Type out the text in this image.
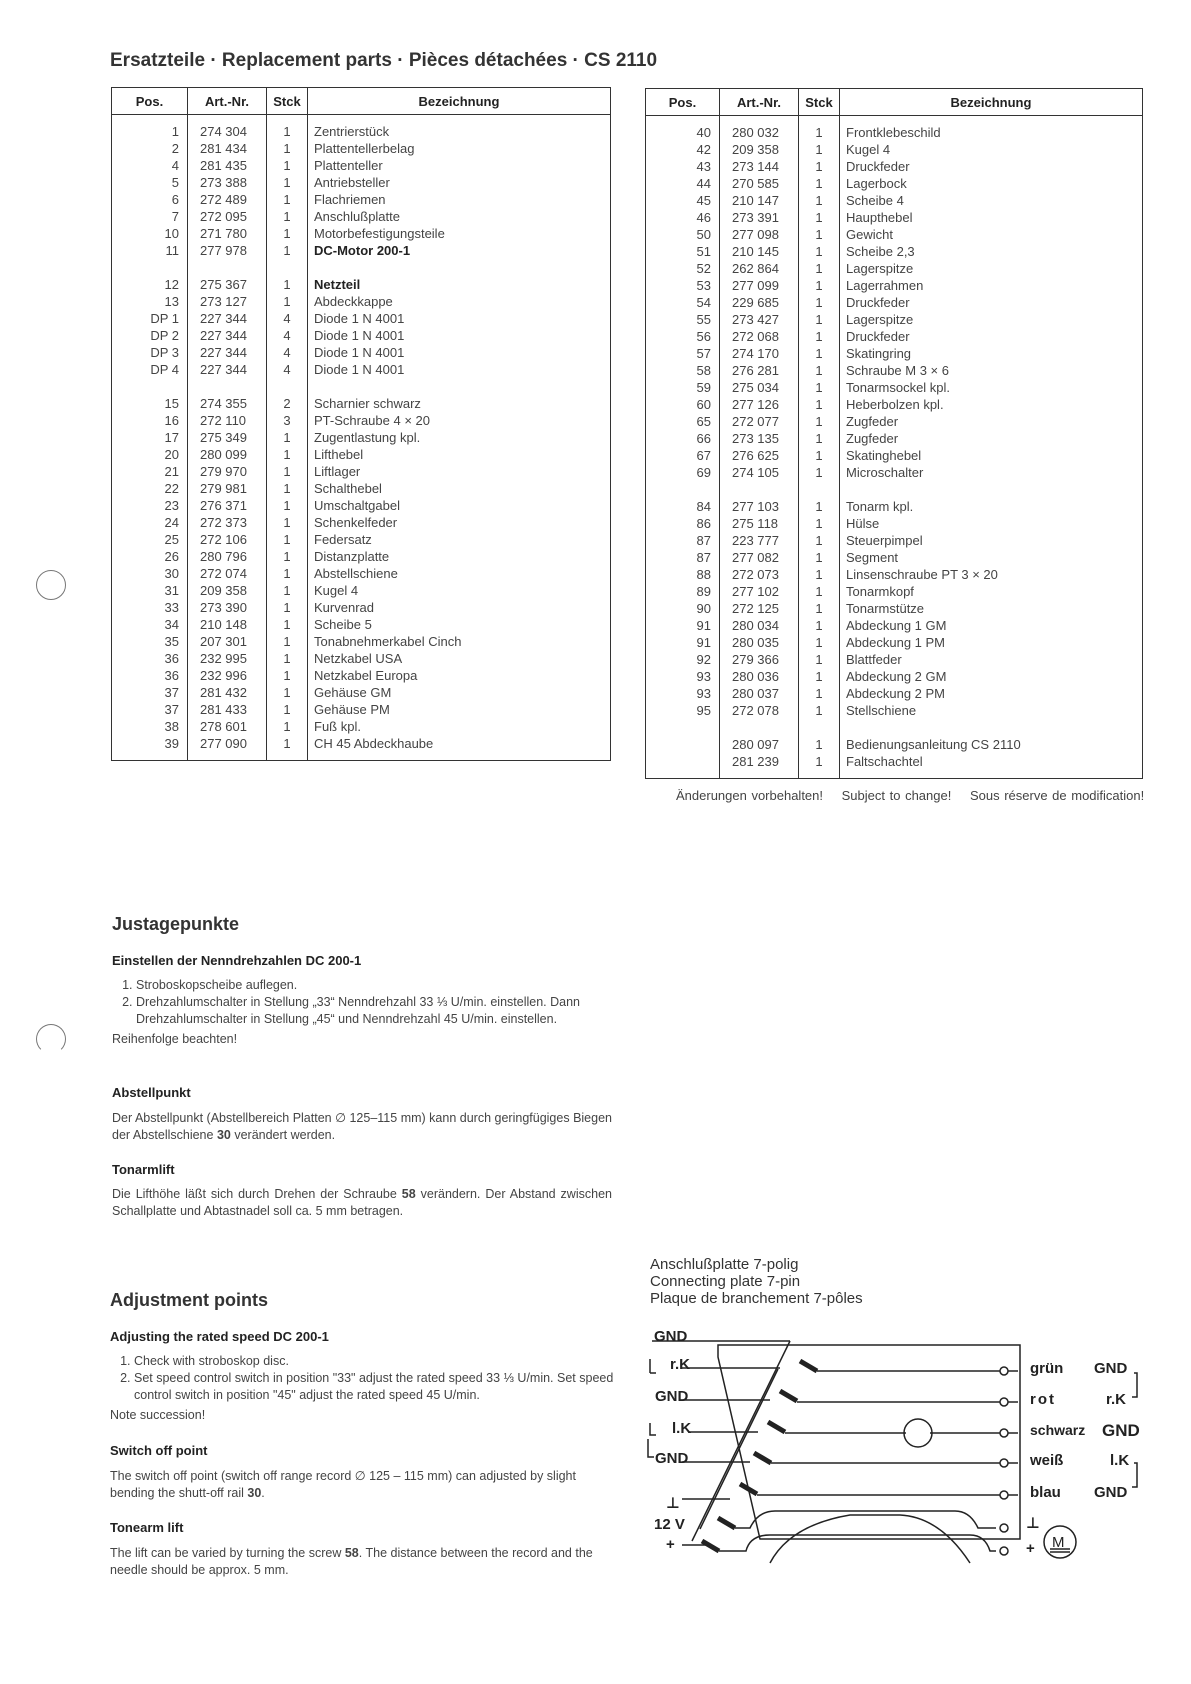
Ersatzteile · Replacement parts · Pièces détachées · CS 2110
Pos.	Art.-Nr.	Stck	Bezeichnung
1	274 304	1	Zentrierstück
2	281 434	1	Plattentellerbelag
4	281 435	1	Plattenteller
5	273 388	1	Antriebsteller
6	272 489	1	Flachriemen
7	272 095	1	Anschlußplatte
10	271 780	1	Motorbefestigungsteile
11	277 978	1	DC-Motor 200-1
12	275 367	1	Netzteil
13	273 127	1	Abdeckkappe
DP 1	227 344	4	Diode 1 N 4001
DP 2	227 344	4	Diode 1 N 4001
DP 3	227 344	4	Diode 1 N 4001
DP 4	227 344	4	Diode 1 N 4001
15	274 355	2	Scharnier schwarz
16	272 110	3	PT-Schraube 4 × 20
17	275 349	1	Zugentlastung kpl.
20	280 099	1	Lifthebel
21	279 970	1	Liftlager
22	279 981	1	Schalthebel
23	276 371	1	Umschaltgabel
24	272 373	1	Schenkelfeder
25	272 106	1	Federsatz
26	280 796	1	Distanzplatte
30	272 074	1	Abstellschiene
31	209 358	1	Kugel 4
33	273 390	1	Kurvenrad
34	210 148	1	Scheibe 5
35	207 301	1	Tonabnehmerkabel Cinch
36	232 995	1	Netzkabel USA
36	232 996	1	Netzkabel Europa
37	281 432	1	Gehäuse GM
37	281 433	1	Gehäuse PM
38	278 601	1	Fuß kpl.
39	277 090	1	CH 45 Abdeckhaube
Pos.	Art.-Nr.	Stck	Bezeichnung
40	280 032	1	Frontklebeschild
42	209 358	1	Kugel 4
43	273 144	1	Druckfeder
44	270 585	1	Lagerbock
45	210 147	1	Scheibe 4
46	273 391	1	Haupthebel
50	277 098	1	Gewicht
51	210 145	1	Scheibe 2,3
52	262 864	1	Lagerspitze
53	277 099	1	Lagerrahmen
54	229 685	1	Druckfeder
55	273 427	1	Lagerspitze
56	272 068	1	Druckfeder
57	274 170	1	Skatingring
58	276 281	1	Schraube M 3 × 6
59	275 034	1	Tonarmsockel kpl.
60	277 126	1	Heberbolzen kpl.
65	272 077	1	Zugfeder
66	273 135	1	Zugfeder
67	276 625	1	Skatinghebel
69	274 105	1	Microschalter
84	277 103	1	Tonarm kpl.
86	275 118	1	Hülse
87	223 777	1	Steuerpimpel
87	277 082	1	Segment
88	272 073	1	Linsenschraube PT 3 × 20
89	277 102	1	Tonarmkopf
90	272 125	1	Tonarmstütze
91	280 034	1	Abdeckung 1 GM
91	280 035	1	Abdeckung 1 PM
92	279 366	1	Blattfeder
93	280 036	1	Abdeckung 2 GM
93	280 037	1	Abdeckung 2 PM
95	272 078	1	Stellschiene
	280 097	1	Bedienungsanleitung CS 2110
	281 239	1	Faltschachtel
Änderungen vorbehalten! Subject to change! Sous réserve de modification!
Justagepunkte
Einstellen der Nenndrehzahlen DC 200-1
1. Stroboskopscheibe auflegen.
2. Drehzahlumschalter in Stellung „33“ Nenndrehzahl 33 ⅓ U/min. einstellen. Dann Drehzahlumschalter in Stellung „45“ und Nenndrehzahl 45 U/min. einstellen.

Reihenfolge beachten!

Abstellpunkt
Der Abstellpunkt (Abstellbereich Platten ∅ 125–115 mm) kann durch geringfügiges Biegen der Abstellschiene 30 verändert werden.
Tonarmlift
Die Lifthöhe läßt sich durch Drehen der Schraube 58 verändern. Der Abstand zwischen Schallplatte und Abtastnadel soll ca. 5 mm betragen.
Adjustment points
Adjusting the rated speed DC 200-1
1. Check with stroboskop disc.
2. Set speed control switch in position "33" adjust the rated speed 33 ⅓ U/min. Set speed control switch in position "45" adjust the rated speed 45 U/min.

Note succession!

Switch off point
The switch off point (switch off range record ∅ 125 – 115 mm) can adjusted by slight bending the shutt-off rail 30.
Tonearm lift
The lift can be varied by turning the screw 58. The distance between the record and the needle should be approx. 5 mm.
Anschlußplatte 7-polig
Connecting plate 7-pin
Plaque de branchement 7-pôles
M
GND
r.K
GND
l.K
GND
⊥
12 V
+
grün
rot
schwarz
weiß
blau
⊥
+
GND
r.K
GND
l.K
GND
